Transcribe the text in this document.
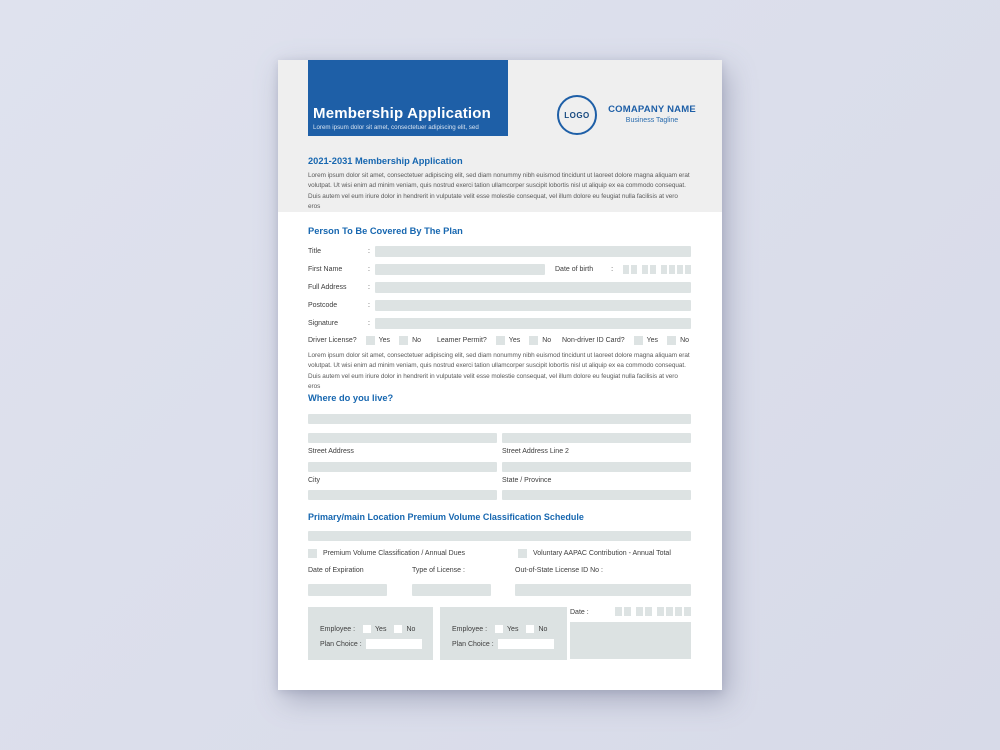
Membership Application
Lorem ipsum dolor sit amet, consectetuer adipiscing elit, sed
LOGO COMAPANY NAME
Business Tagline
2021-2031 Membership Application
Lorem ipsum dolor sit amet, consectetuer adipiscing elit, sed diam nonummy nibh euismod tincidunt ut laoreet dolore magna aliquam erat volutpat. Ut wisi enim ad minim veniam, quis nostrud exerci tation ullamcorper suscipit lobortis nisl ut aliquip ex ea commodo consequat. Duis autem vel eum iriure dolor in hendrerit in vulputate velit esse molestie consequat, vel illum dolore eu feugiat nulla facilisis at vero eros
Person To Be Covered By The Plan
Title	:
First Name	:	Date of birth	:
Full Address	:
Postcode	:
Signature	:
Driver License?	Yes	No Leamer Permit?	Yes	No Non-driver ID Card?	Yes	No
Lorem ipsum dolor sit amet, consectetuer adipiscing elit, sed diam nonummy nibh euismod tincidunt ut laoreet dolore magna aliquam erat volutpat. Ut wisi enim ad minim veniam, quis nostrud exerci tation ullamcorper suscipit lobortis nisl ut aliquip ex ea commodo consequat. Duis autem vel eum iriure dolor in hendrerit in vulputate velit esse molestie consequat, vel illum dolore eu feugiat nulla facilisis at vero eros
Where do you live?
Street Address	Street Address Line 2
City	State / Province
Primary/main Location Premium Volume Classification Schedule
Premium Volume Classification / Annual Dues	Voluntary AAPAC Contribution - Annual Total
Date of Expiration	Type of License :	Out-of-State License ID No :
Employee :	Yes	No
Plan Choice :
Employee :	Yes	No
Plan Choice :
Date :
